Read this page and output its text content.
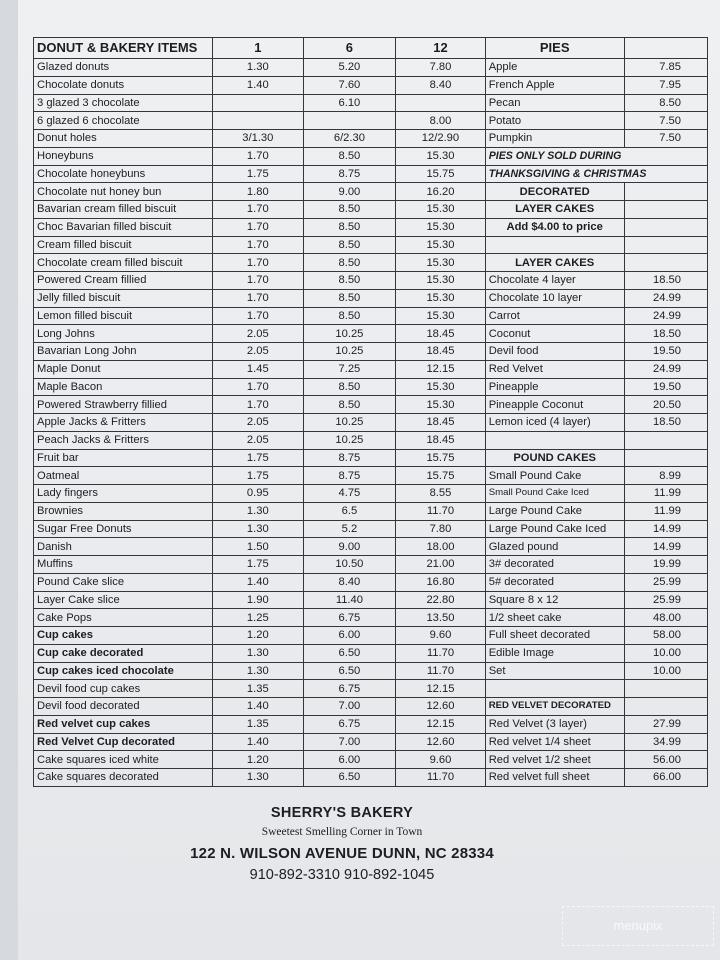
DONUT & BAKERY ITEMS	1	6	12	PIES	
Glazed donuts	1.30	5.20	7.80	Apple	7.85
Chocolate donuts	1.40	7.60	8.40	French Apple	7.95
3 glazed 3 chocolate		6.10		Pecan	8.50
6 glazed 6 chocolate			8.00	Potato	7.50
Donut holes	3/1.30	6/2.30	12/2.90	Pumpkin	7.50
Honeybuns	1.70	8.50	15.30	PIES ONLY SOLD DURING	
Chocolate honeybuns	1.75	8.75	15.75	THANKSGIVING & CHRISTMAS	
Chocolate nut honey bun	1.80	9.00	16.20	DECORATED	
Bavarian cream filled biscuit	1.70	8.50	15.30	LAYER CAKES	
Choc Bavarian filled biscuit	1.70	8.50	15.30	Add $4.00 to price	
Cream filled biscuit	1.70	8.50	15.30		
Chocolate cream filled biscuit	1.70	8.50	15.30	LAYER CAKES	
Powered Cream fillied	1.70	8.50	15.30	Chocolate 4 layer	18.50
Jelly filled biscuit	1.70	8.50	15.30	Chocolate 10 layer	24.99
Lemon filled biscuit	1.70	8.50	15.30	Carrot	24.99
Long Johns	2.05	10.25	18.45	Coconut	18.50
Bavarian Long John	2.05	10.25	18.45	Devil food	19.50
Maple Donut	1.45	7.25	12.15	Red Velvet	24.99
Maple Bacon	1.70	8.50	15.30	Pineapple	19.50
Powered Strawberry fillied	1.70	8.50	15.30	Pineapple Coconut	20.50
Apple Jacks & Fritters	2.05	10.25	18.45	Lemon iced (4 layer)	18.50
Peach Jacks & Fritters	2.05	10.25	18.45		
Fruit bar	1.75	8.75	15.75	POUND CAKES	
Oatmeal	1.75	8.75	15.75	Small Pound Cake	8.99
Lady fingers	0.95	4.75	8.55	Small Pound Cake Iced	11.99
Brownies	1.30	6.5	11.70	Large Pound Cake	11.99
Sugar Free Donuts	1.30	5.2	7.80	Large Pound Cake Iced	14.99
Danish	1.50	9.00	18.00	Glazed pound	14.99
Muffins	1.75	10.50	21.00	3# decorated	19.99
Pound Cake slice	1.40	8.40	16.80	5# decorated	25.99
Layer Cake slice	1.90	11.40	22.80	Square 8 x 12	25.99
Cake Pops	1.25	6.75	13.50	1/2 sheet cake	48.00
Cup cakes	1.20	6.00	9.60	Full sheet decorated	58.00
Cup cake decorated	1.30	6.50	11.70	Edible Image	10.00
Cup cakes iced chocolate	1.30	6.50	11.70	Set	10.00
Devil food cup cakes	1.35	6.75	12.15		
Devil food decorated	1.40	7.00	12.60	RED VELVET DECORATED	
Red velvet cup cakes	1.35	6.75	12.15	Red Velvet (3 layer)	27.99
Red Velvet Cup decorated	1.40	7.00	12.60	Red velvet 1/4 sheet	34.99
Cake squares iced white	1.20	6.00	9.60	Red velvet 1/2 sheet	56.00
Cake squares decorated	1.30	6.50	11.70	Red velvet full sheet	66.00
SHERRY'S BAKERY
Sweetest Smelling Corner in Town
122 N. WILSON AVENUE DUNN, NC 28334
910-892-3310 910-892-1045
menupix
